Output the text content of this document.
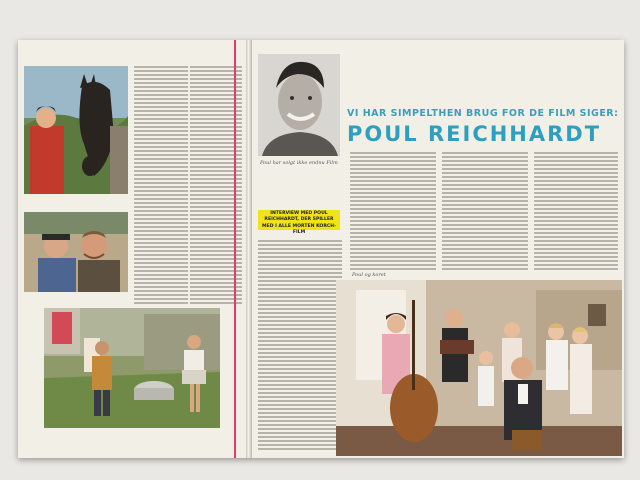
Poul har solgt ikke endnu Film
INTERVIEW MED POUL REICHHARDT, DER SPILLER MED I ALLE MORTEN KORCH-FILM
VI HAR SIMPELTHEN BRUG FOR DE FILM SIGER:
POUL REICHHARDT
Poul og koret
